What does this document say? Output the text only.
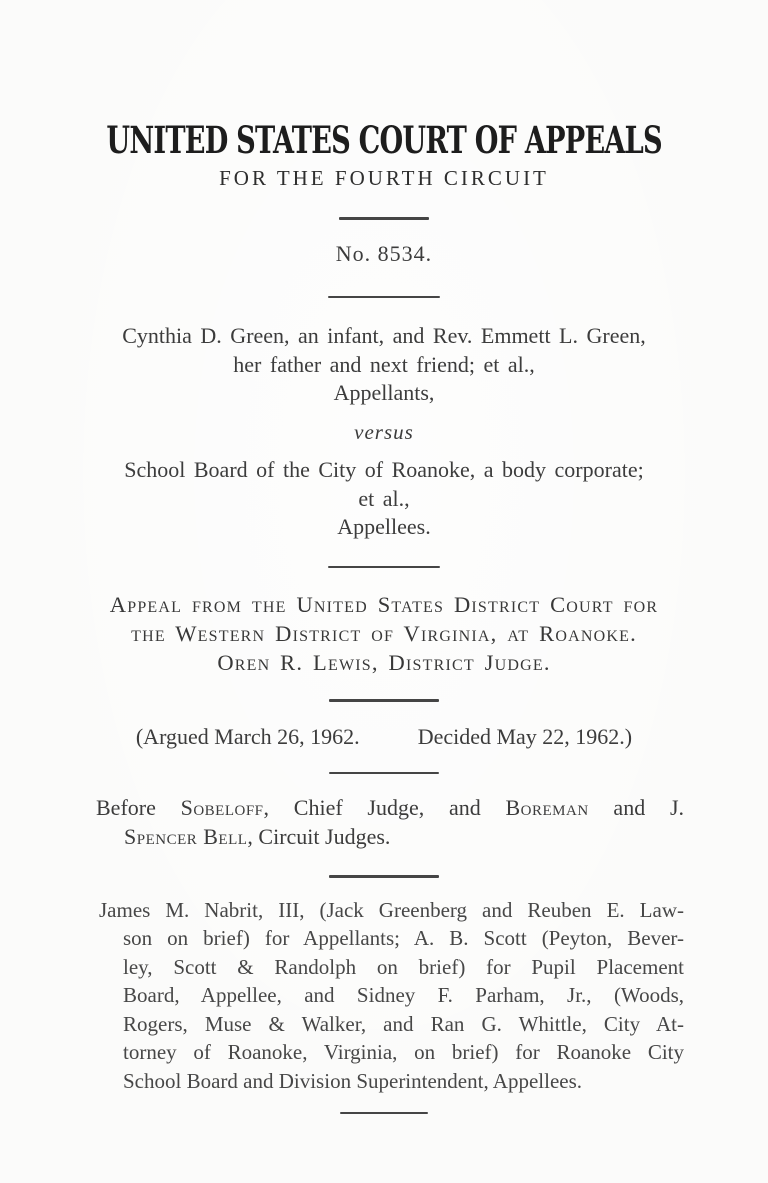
UNITED STATES COURT OF APPEALS
FOR THE FOURTH CIRCUIT
No. 8534.
Cynthia D. Green, an infant, and Rev. Emmett L. Green,
her father and next friend; et al.,
Appellants,
versus
School Board of the City of Roanoke, a body corporate;
et al.,
Appellees.
Appeal from the United States District Court for
the Western District of Virginia, at Roanoke.
Oren R. Lewis, District Judge.
(Argued March 26, 1962.	Decided May 22, 1962.)
Before Sobeloff, Chief Judge, and Boreman and J.
Spencer Bell, Circuit Judges.
James M. Nabrit, III, (Jack Greenberg and Reuben E. Law-
son on brief) for Appellants; A. B. Scott (Peyton, Bever-
ley, Scott & Randolph on brief) for Pupil Placement
Board, Appellee, and Sidney F. Parham, Jr., (Woods,
Rogers, Muse & Walker, and Ran G. Whittle, City At-
torney of Roanoke, Virginia, on brief) for Roanoke City
School Board and Division Superintendent, Appellees.
